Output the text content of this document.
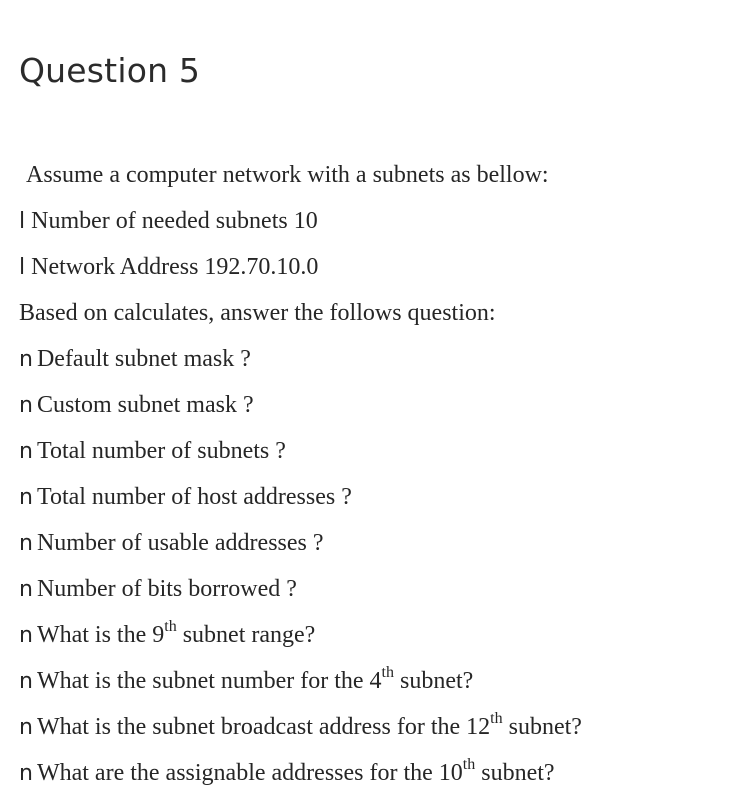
Question 5
Assume a computer network with a subnets as bellow:
l Number of needed subnets 10
l Network Address 192.70.10.0
Based on calculates, answer the follows question:
n Default subnet mask ?
n Custom subnet mask ?
n Total number of subnets ?
n Total number of host addresses ?
n Number of usable addresses ?
n Number of bits borrowed ?
n What is the 9th subnet range?
n What is the subnet number for the 4th subnet?
n What is the subnet broadcast address for the 12th subnet?
n What are the assignable addresses for the 10th subnet?
